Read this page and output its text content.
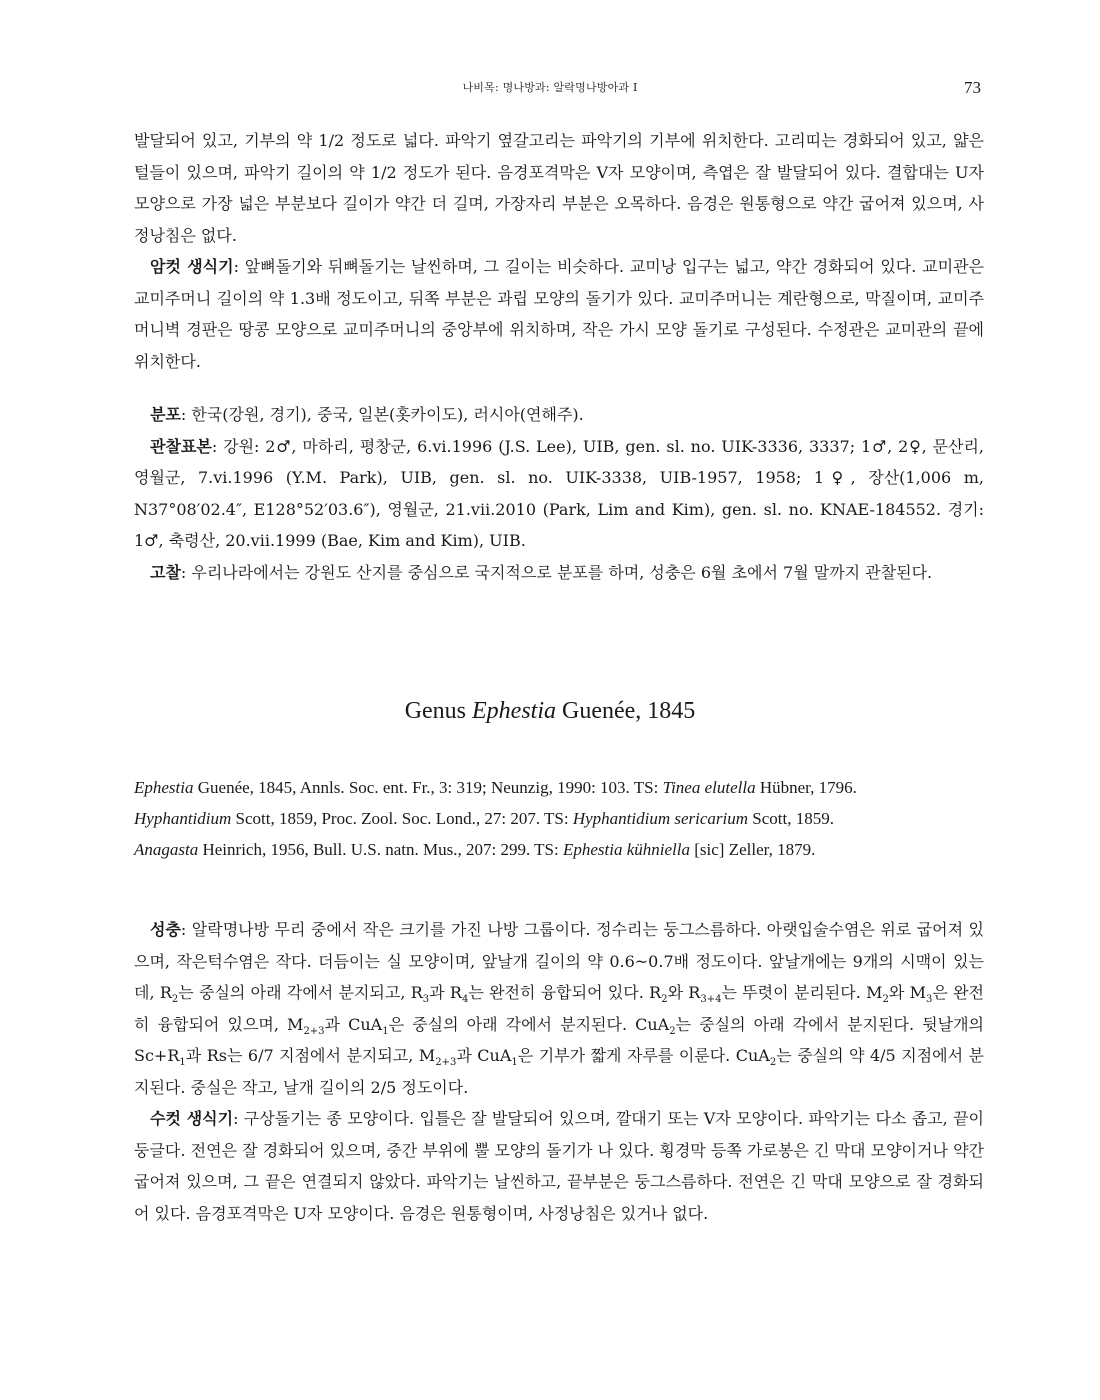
나비목: 명나방과: 알락명나방아과 I	73

발달되어 있고, 기부의 약 1/2 정도로 넓다. 파악기 옆갈고리는 파악기의 기부에 위치한다. 고리띠는 경화되어 있고, 얇은 털들이 있으며, 파악기 길이의 약 1/2 정도가 된다. 음경포격막은 V자 모양이며, 측엽은 잘 발달되어 있다. 결합대는 U자 모양으로 가장 넓은 부분보다 길이가 약간 더 길며, 가장자리 부분은 오목하다. 음경은 원통형으로 약간 굽어져 있으며, 사정낭침은 없다.

암컷 생식기: 앞뼈돌기와 뒤뼈돌기는 날씬하며, 그 길이는 비슷하다. 교미낭 입구는 넓고, 약간 경화되어 있다. 교미관은 교미주머니 길이의 약 1.3배 정도이고, 뒤쪽 부분은 과립 모양의 돌기가 있다. 교미주머니는 계란형으로, 막질이며, 교미주머니벽 경판은 땅콩 모양으로 교미주머니의 중앙부에 위치하며, 작은 가시 모양 돌기로 구성된다. 수정관은 교미관의 끝에 위치한다.

분포: 한국(강원, 경기), 중국, 일본(홋카이도), 러시아(연해주).

관찰표본: 강원: 2♂, 마하리, 평창군, 6.vi.1996 (J.S. Lee), UIB, gen. sl. no. UIK-3336, 3337; 1♂, 2♀, 문산리, 영월군, 7.vi.1996 (Y.M. Park), UIB, gen. sl. no. UIK-3338, UIB-1957, 1958; 1♀, 장산(1,006 m, N37°08′02.4″, E128°52′03.6″), 영월군, 21.vii.2010 (Park, Lim and Kim), gen. sl. no. KNAE-184552. 경기: 1♂, 축령산, 20.vii.1999 (Bae, Kim and Kim), UIB.

고찰: 우리나라에서는 강원도 산지를 중심으로 국지적으로 분포를 하며, 성충은 6월 초에서 7월 말까지 관찰된다.

Genus Ephestia Guenée, 1845

Ephestia Guenée, 1845, Annls. Soc. ent. Fr., 3: 319; Neunzig, 1990: 103. TS: Tinea elutella Hübner, 1796.

Hyphantidium Scott, 1859, Proc. Zool. Soc. Lond., 27: 207. TS: Hyphantidium sericarium Scott, 1859.

Anagasta Heinrich, 1956, Bull. U.S. natn. Mus., 207: 299. TS: Ephestia kühniella [sic] Zeller, 1879.

성충: 알락명나방 무리 중에서 작은 크기를 가진 나방 그룹이다. 정수리는 둥그스름하다. 아랫입술수염은 위로 굽어져 있으며, 작은턱수염은 작다. 더듬이는 실 모양이며, 앞날개 길이의 약 0.6~0.7배 정도이다. 앞날개에는 9개의 시맥이 있는데, $R_2$는 중실의 아래 각에서 분지되고, $R_3$과 $R_4$는 완전히 융합되어 있다. $R_2$와 $R_{3+4}$는 뚜렷이 분리된다. $M_2$와 $M_3$은 완전히 융합되어 있으며, $M_{2+3}$과 CuA$_1$은 중실의 아래 각에서 분지된다. CuA$_2$는 중실의 아래 각에서 분지된다. 뒷날개의 $Sc+R_1$과 Rs는 6/7 지점에서 분지되고, $M_{2+3}$과 CuA$_1$은 기부가 짧게 자루를 이룬다. CuA$_2$는 중실의 약 4/5 지점에서 분지된다. 중실은 작고, 날개 길이의 2/5 정도이다.

수컷 생식기: 구상돌기는 종 모양이다. 입틀은 잘 발달되어 있으며, 깔대기 또는 V자 모양이다. 파악기는 다소 좁고, 끝이 둥글다. 전연은 잘 경화되어 있으며, 중간 부위에 뿔 모양의 돌기가 나 있다. 횡경막 등쪽 가로봉은 긴 막대 모양이거나 약간 굽어져 있으며, 그 끝은 연결되지 않았다. 파악기는 날씬하고, 끝부분은 둥그스름하다. 전연은 긴 막대 모양으로 잘 경화되어 있다. 음경포격막은 U자 모양이다. 음경은 원통형이며, 사정낭침은 있거나 없다.
